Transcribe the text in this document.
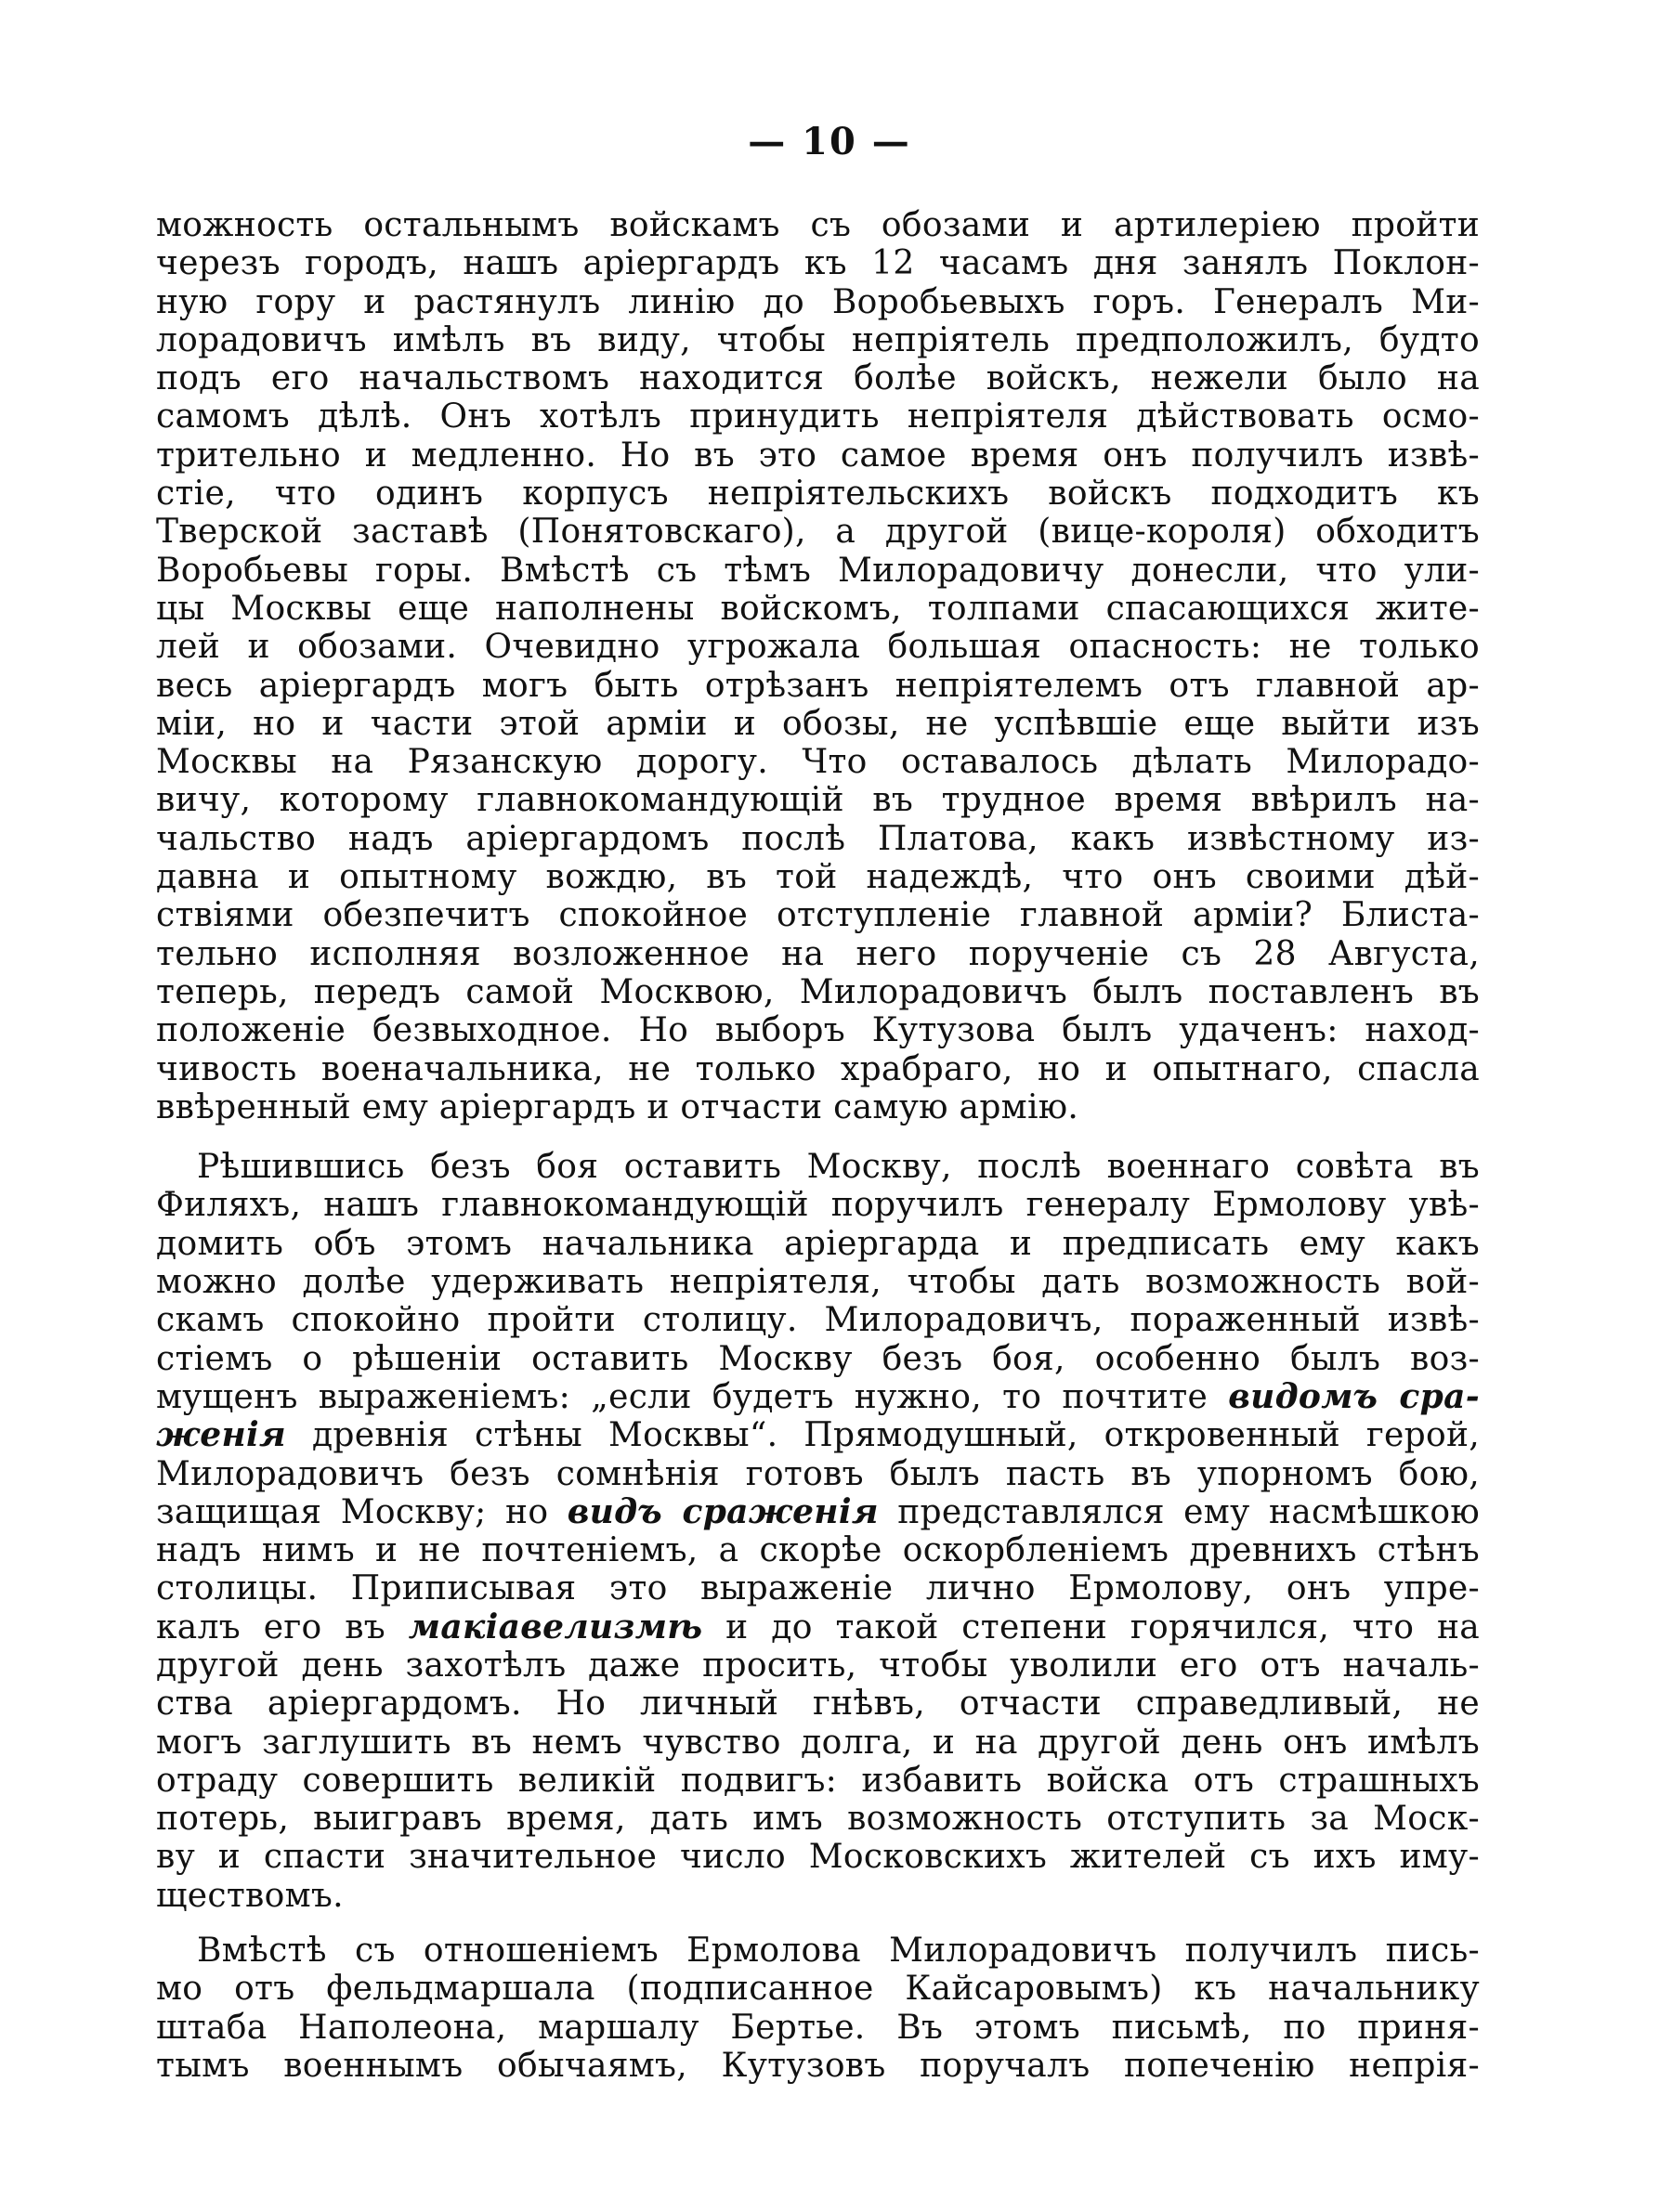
— 10 —
можность остальнымъ войскамъ съ обозами и артилеріею пройти
черезъ городъ, нашъ аріергардъ къ 12 часамъ дня занялъ Поклон-
ную гору и растянулъ линію до Воробьевыхъ горъ. Генералъ Ми-
лорадовичъ имѣлъ въ виду, чтобы непріятель предположилъ, будто
подъ его начальствомъ находится болѣе войскъ, нежели было на
самомъ дѣлѣ. Онъ хотѣлъ принудить непріятеля дѣйствовать осмо-
трительно и медленно. Но въ это самое время онъ получилъ извѣ-
стіе, что одинъ корпусъ непріятельскихъ войскъ подходитъ къ
Тверской заставѣ (Понятовскаго), а другой (вице-короля) обходитъ
Воробьевы горы. Вмѣстѣ съ тѣмъ Милорадовичу донесли, что ули-
цы Москвы еще наполнены войскомъ, толпами спасающихся жите-
лей и обозами. Очевидно угрожала большая опасность: не только
весь аріергардъ могъ быть отрѣзанъ непріятелемъ отъ главной ар-
міи, но и части этой арміи и обозы, не успѣвшіе еще выйти изъ
Москвы на Рязанскую дорогу. Что оставалось дѣлать Милорадо-
вичу, которому главнокомандующій въ трудное время ввѣрилъ на-
чальство надъ аріергардомъ послѣ Платова, какъ извѣстному из-
давна и опытному вождю, въ той надеждѣ, что онъ своими дѣй-
ствіями обезпечитъ спокойное отступленіе главной арміи? Блиста-
тельно исполняя возложенное на него порученіе съ 28 Августа,
теперь, передъ самой Москвою, Милорадовичъ былъ поставленъ въ
положеніе безвыходное. Но выборъ Кутузова былъ удаченъ: наход-
чивость военачальника, не только храбраго, но и опытнаго, спасла
ввѣренный ему аріергардъ и отчасти самую армію.
Рѣшившись безъ боя оставить Москву, послѣ военнаго совѣта въ
Филяхъ, нашъ главнокомандующій поручилъ генералу Ермолову увѣ-
домить объ этомъ начальника аріергарда и предписать ему какъ
можно долѣе удерживать непріятеля, чтобы дать возможность вой-
скамъ спокойно пройти столицу. Милорадовичъ, пораженный извѣ-
стіемъ о рѣшеніи оставить Москву безъ боя, особенно былъ воз-
мущенъ выраженіемъ: „если будетъ нужно, то почтите видомъ сра-
женія древнія стѣны Москвы“. Прямодушный, откровенный герой,
Милорадовичъ безъ сомнѣнія готовъ былъ пасть въ упорномъ бою,
защищая Москву; но видъ сраженія представлялся ему насмѣшкою
надъ нимъ и не почтеніемъ, а скорѣе оскорбленіемъ древнихъ стѣнъ
столицы. Приписывая это выраженіе лично Ермолову, онъ упре-
калъ его въ макіавелизмѣ и до такой степени горячился, что на
другой день захотѣлъ даже просить, чтобы уволили его отъ началь-
ства аріергардомъ. Но личный гнѣвъ, отчасти справедливый, не
могъ заглушить въ немъ чувство долга, и на другой день онъ имѣлъ
отраду совершить великій подвигъ: избавить войска отъ страшныхъ
потерь, выигравъ время, дать имъ возможность отступить за Моск-
ву и спасти значительное число Московскихъ жителей съ ихъ иму-
ществомъ.
Вмѣстѣ съ отношеніемъ Ермолова Милорадовичъ получилъ пись-
мо отъ фельдмаршала (подписанное Кайсаровымъ) къ начальнику
штаба Наполеона, маршалу Бертье. Въ этомъ письмѣ, по приня-
тымъ военнымъ обычаямъ, Кутузовъ поручалъ попеченію непрія-
